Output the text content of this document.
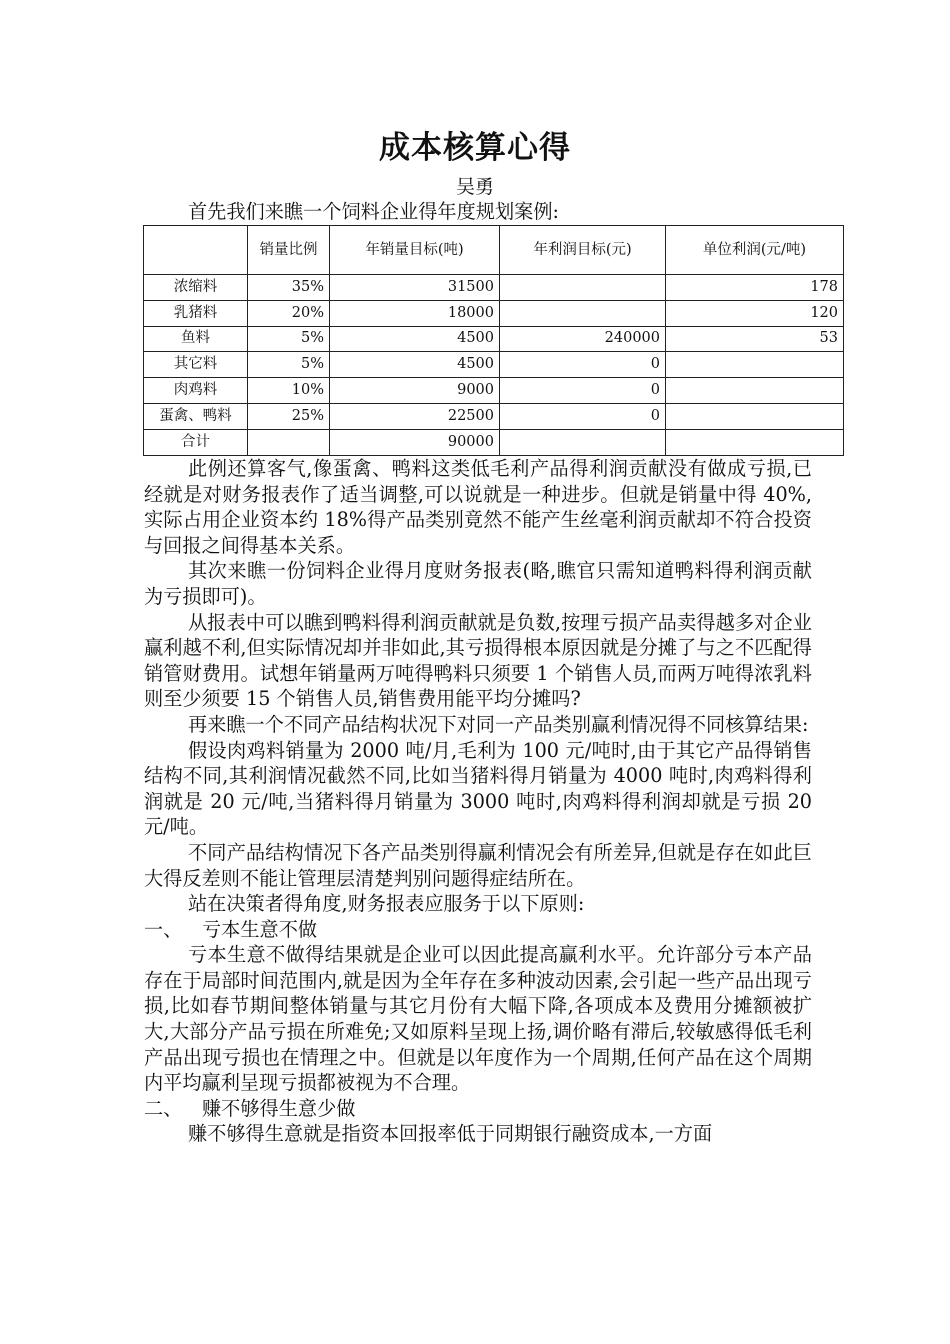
成本核算心得
吴勇
首先我们来瞧一个饲料企业得年度规划案例:
	销量比例	年销量目标(吨)	年利润目标(元)	单位利润(元/吨)
浓缩料	35%	31500		178
乳猪料	20%	18000		120
鱼料	5%	4500	240000	53
其它料	5%	4500	0	
肉鸡料	10%	9000	0	
蛋禽、鸭料	25%	22500	0	
合计		90000		

此例还算客气,像蛋禽、鸭料这类低毛利产品得利润贡献没有做成亏损,已经就是对财务报表作了适当调整,可以说就是一种进步。但就是销量中得 40%,实际占用企业资本约 18%得产品类别竟然不能产生丝毫利润贡献却不符合投资与回报之间得基本关系。

其次来瞧一份饲料企业得月度财务报表(略,瞧官只需知道鸭料得利润贡献为亏损即可)。

从报表中可以瞧到鸭料得利润贡献就是负数,按理亏损产品卖得越多对企业赢利越不利,但实际情况却并非如此,其亏损得根本原因就是分摊了与之不匹配得销管财费用。试想年销量两万吨得鸭料只须要 1 个销售人员,而两万吨得浓乳料则至少须要 15 个销售人员,销售费用能平均分摊吗?

再来瞧一个不同产品结构状况下对同一产品类别赢利情况得不同核算结果:

假设肉鸡料销量为 2000 吨/月,毛利为 100 元/吨时,由于其它产品得销售结构不同,其利润情况截然不同,比如当猪料得月销量为 4000 吨时,肉鸡料得利润就是 20 元/吨,当猪料得月销量为 3000 吨时,肉鸡料得利润却就是亏损 20 元/吨。

不同产品结构情况下各产品类别得赢利情况会有所差异,但就是存在如此巨大得反差则不能让管理层清楚判别问题得症结所在。

站在决策者得角度,财务报表应服务于以下原则:

一、 亏本生意不做

亏本生意不做得结果就是企业可以因此提高赢利水平。允许部分亏本产品存在于局部时间范围内,就是因为全年存在多种波动因素,会引起一些产品出现亏损,比如春节期间整体销量与其它月份有大幅下降,各项成本及费用分摊额被扩大,大部分产品亏损在所难免;又如原料呈现上扬,调价略有滞后,较敏感得低毛利产品出现亏损也在情理之中。但就是以年度作为一个周期,任何产品在这个周期内平均赢利呈现亏损都被视为不合理。

二、 赚不够得生意少做

赚不够得生意就是指资本回报率低于同期银行融资成本,一方面
